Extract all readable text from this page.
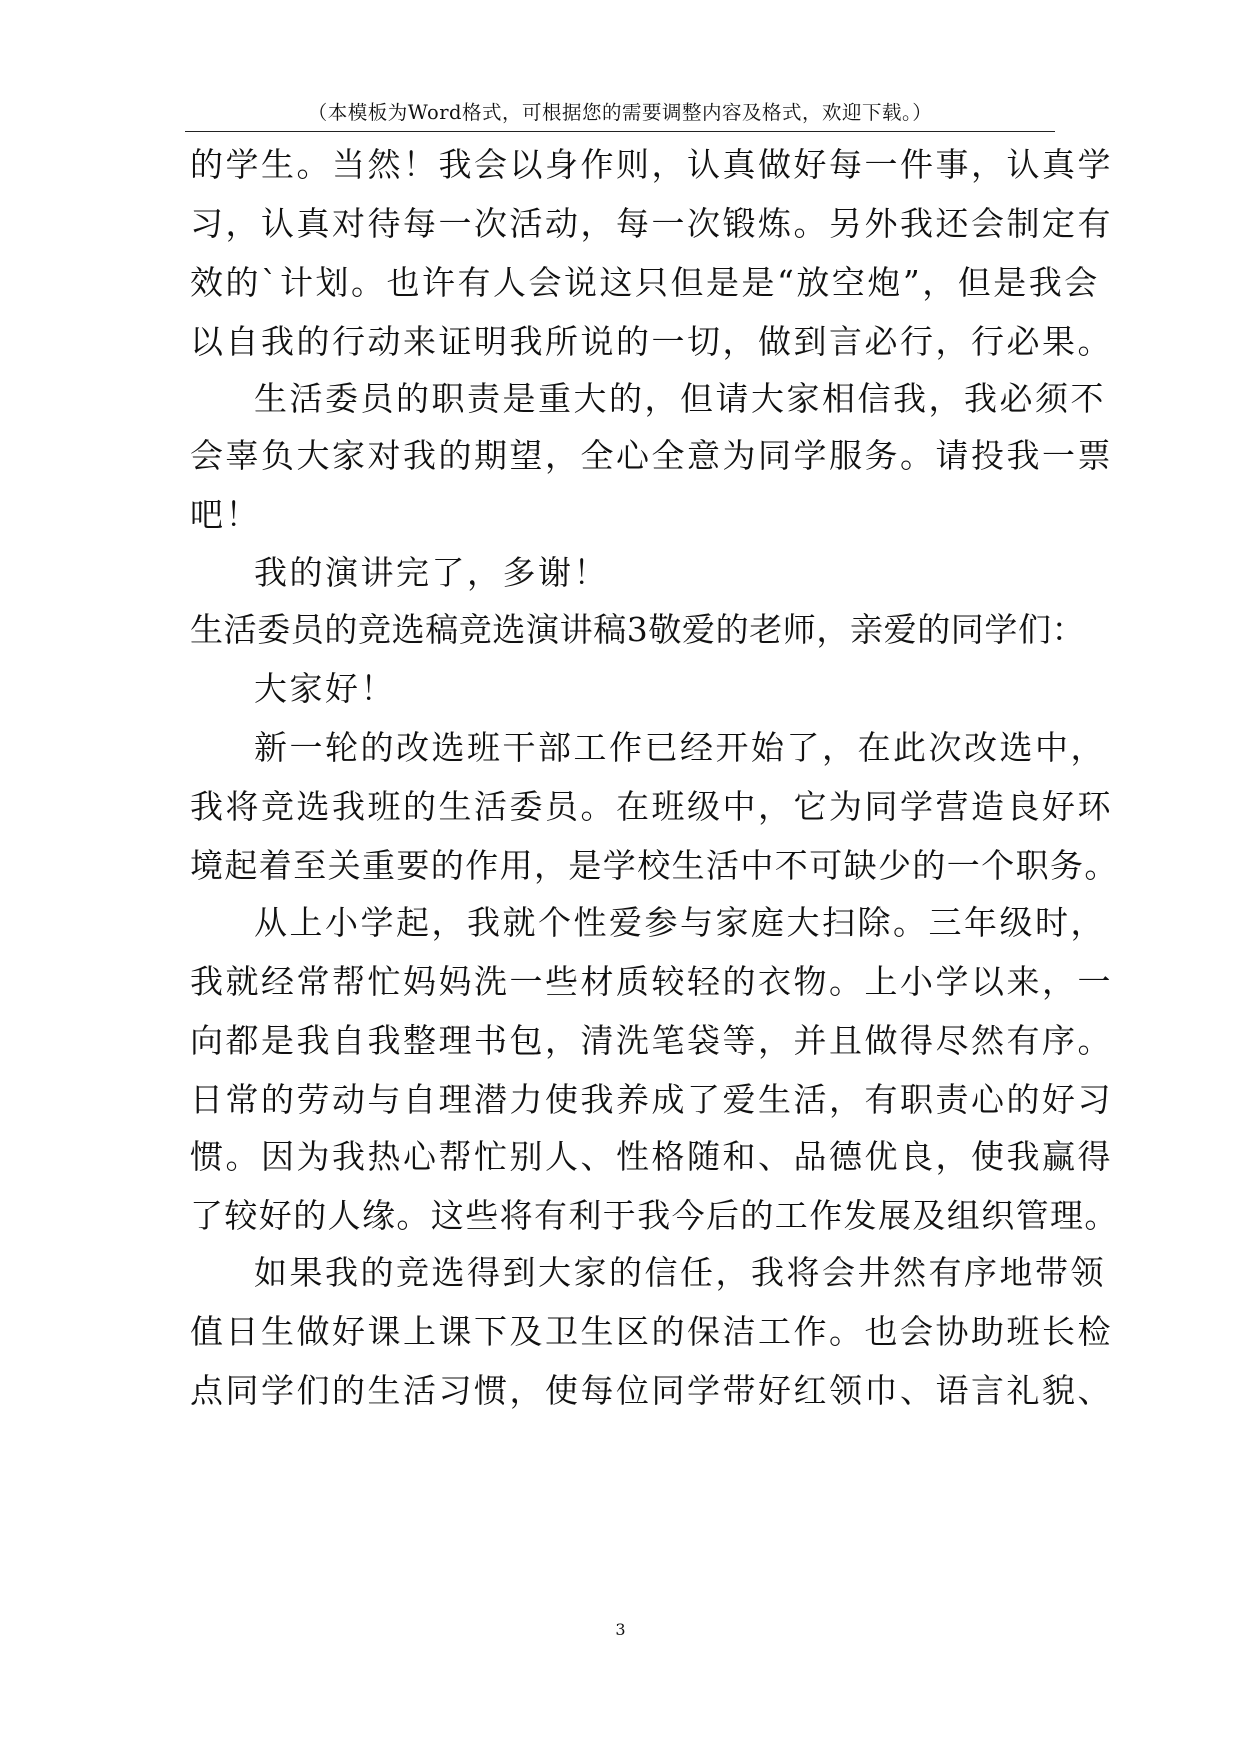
（本模板为Word格式，可根据您的需要调整内容及格式，欢迎下载。）
的学生。当然！我会以身作则，认真做好每一件事，认真学
习，认真对待每一次活动，每一次锻炼。另外我还会制定有
效的`计划。也许有人会说这只但是是“放空炮”，但是我会
以自我的行动来证明我所说的一切，做到言必行，行必果。
生活委员的职责是重大的，但请大家相信我，我必须不
会辜负大家对我的期望，全心全意为同学服务。请投我一票
吧！
我的演讲完了，多谢！
生活委员的竞选稿竞选演讲稿3敬爱的老师，亲爱的同学们：
大家好！
新一轮的改选班干部工作已经开始了，在此次改选中，
我将竞选我班的生活委员。在班级中，它为同学营造良好环
境起着至关重要的作用，是学校生活中不可缺少的一个职务。
从上小学起，我就个性爱参与家庭大扫除。三年级时，
我就经常帮忙妈妈洗一些材质较轻的衣物。上小学以来，一
向都是我自我整理书包，清洗笔袋等，并且做得尽然有序。
日常的劳动与自理潜力使我养成了爱生活，有职责心的好习
惯。因为我热心帮忙别人、性格随和、品德优良，使我赢得
了较好的人缘。这些将有利于我今后的工作发展及组织管理。
如果我的竞选得到大家的信任，我将会井然有序地带领
值日生做好课上课下及卫生区的保洁工作。也会协助班长检
点同学们的生活习惯，使每位同学带好红领巾、语言礼貌、
3
